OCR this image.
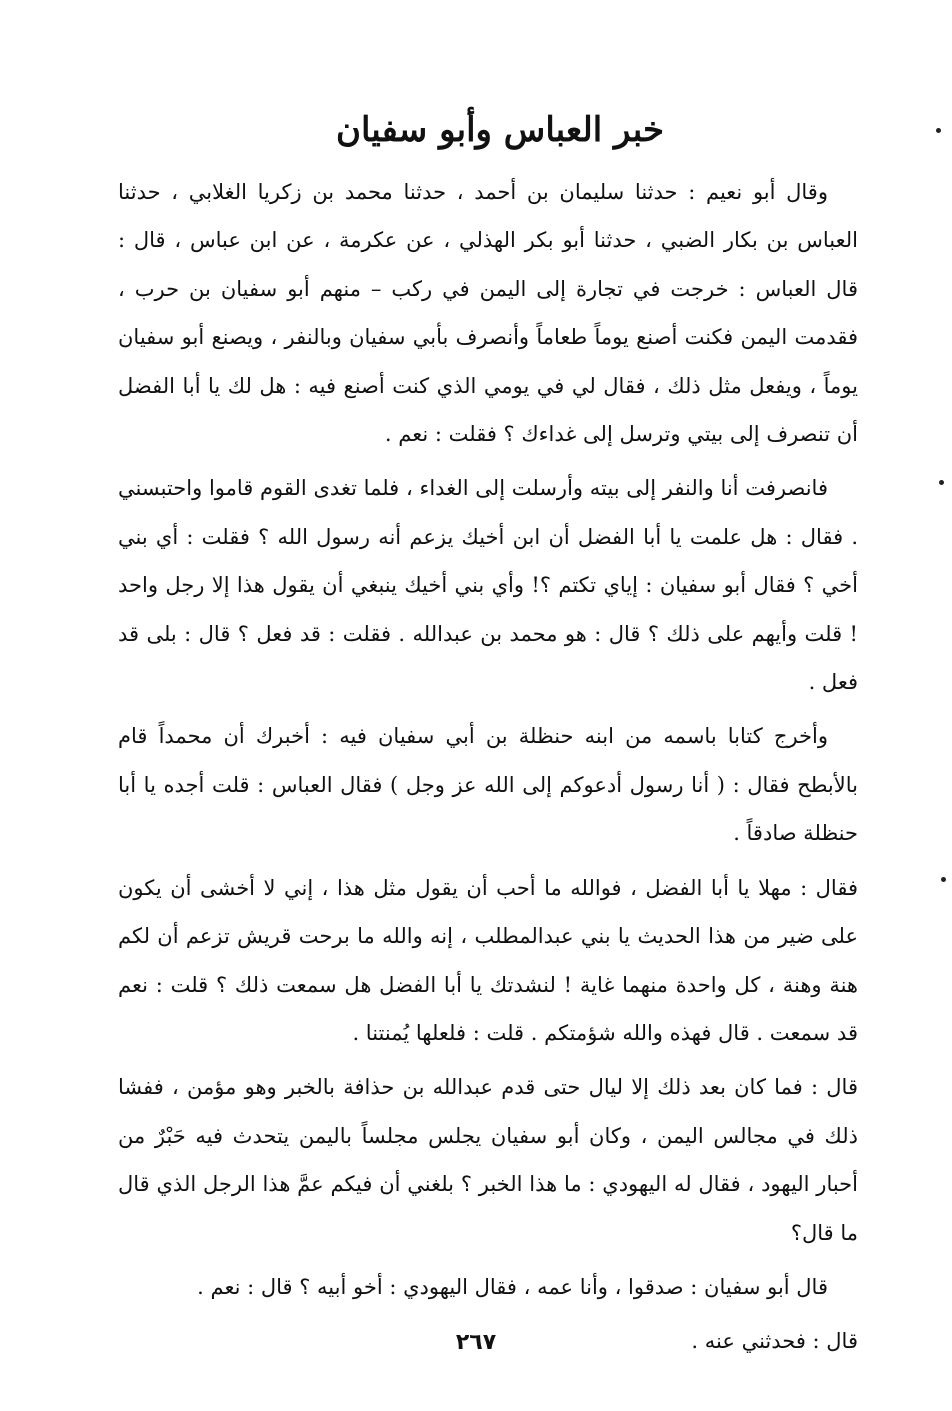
خبر العباس وأبو سفيان

وقال أبو نعيم : حدثنا سليمان بن أحمد ، حدثنا محمد بن زكريا الغلابي ، حدثنا العباس بن بكار الضبي ، حدثنا أبو بكر الهذلي ، عن عكرمة ، عن ابن عباس ، قال : قال العباس : خرجت في تجارة إلى اليمن في ركب – منهم أبو سفيان بن حرب ، فقدمت اليمن فكنت أصنع يوماً طعاماً وأنصرف بأبي سفيان وبالنفر ، ويصنع أبو سفيان يوماً ، ويفعل مثل ذلك ، فقال لي في يومي الذي كنت أصنع فيه : هل لك يا أبا الفضل أن تنصرف إلى بيتي وترسل إلى غداءك ؟ فقلت : نعم .

فانصرفت أنا والنفر إلى بيته وأرسلت إلى الغداء ، فلما تغدى القوم قاموا واحتبسني . فقال : هل علمت يا أبا الفضل أن ابن أخيك يزعم أنه رسول الله ؟ فقلت : أي بني أخي ؟ فقال أبو سفيان : إياي تكتم ؟! وأي بني أخيك ينبغي أن يقول هذا إلا رجل واحد ! قلت وأيهم على ذلك ؟ قال : هو محمد بن عبدالله . فقلت : قد فعل ؟ قال : بلى قد فعل .

وأخرج كتابا باسمه من ابنه حنظلة بن أبي سفيان فيه : أخبرك أن محمداً قام بالأبطح فقال : ( أنا رسول أدعوكم إلى الله عز وجل ) فقال العباس : قلت أجده يا أبا حنظلة صادقاً .

فقال : مهلا يا أبا الفضل ، فوالله ما أحب أن يقول مثل هذا ، إني لا أخشى أن يكون على ضير من هذا الحديث يا بني عبدالمطلب ، إنه والله ما برحت قريش تزعم أن لكم هنة وهنة ، كل واحدة منهما غاية ! لنشدتك يا أبا الفضل هل سمعت ذلك ؟ قلت : نعم قد سمعت . قال فهذه والله شؤمتكم . قلت : فلعلها يُمنتنا .

قال : فما كان بعد ذلك إلا ليال حتى قدم عبدالله بن حذافة بالخبر وهو مؤمن ، ففشا ذلك في مجالس اليمن ، وكان أبو سفيان يجلس مجلساً باليمن يتحدث فيه حَبْرٌ من أحبار اليهود ، فقال له اليهودي : ما هذا الخبر ؟ بلغني أن فيكم عمَّ هذا الرجل الذي قال ما قال؟

قال أبو سفيان : صدقوا ، وأنا عمه ، فقال اليهودي : أخو أبيه ؟ قال : نعم .

قال : فحدثني عنه .

٢٦٧
